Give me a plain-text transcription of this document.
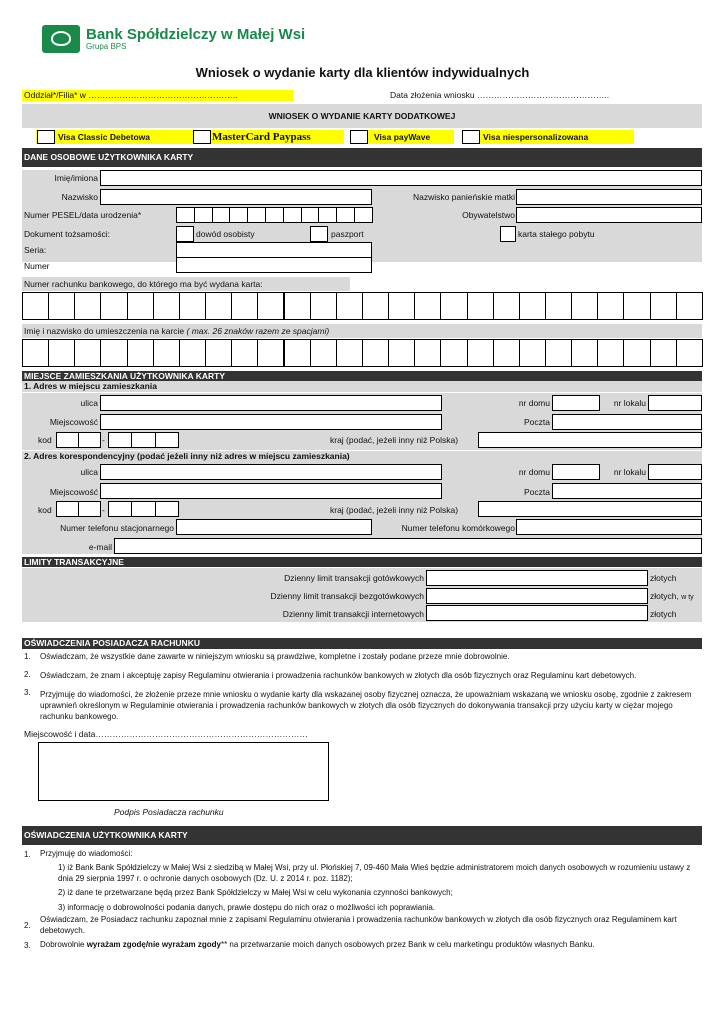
Bank Spółdzielczy w Małej Wsi
Grupa BPS
Wniosek o wydanie karty dla klientów indywidualnych
Oddział*/Filia* w ……………………………………………..	Data złożenia wniosku ………………………………………..
WNIOSEK O WYDANIE KARTY DODATKOWEJ
Visa Classic Debetowa	MasterCard Paypass	Visa payWave	Visa niespersonalizowana
DANE OSOBOWE UŻYTKOWNIKA KARTY
Imię/imiona
Nazwisko	Nazwisko panieńskie matki
Numer PESEL/data urodzenia*	Obywatelstwo
Dokument tożsamości:	dowód osobisty	paszport	karta stałego pobytu
Seria:
Numer
Numer rachunku bankowego, do którego ma być wydana karta:
Imię i nazwisko do umieszczenia na karcie ( max. 26 znaków razem ze spacjami)
MIEJSCE ZAMIESZKANIA UŻYTKOWNIKA KARTY
1. Adres w miejscu zamieszkania
ulica	nr domu	nr lokalu
Miejscowość	Poczta
kod	-	kraj (podać, jeżeli inny niż Polska)
2. Adres korespondencyjny (podać jeżeli inny niż adres w miejscu zamieszkania)
ulica	nr domu	nr lokalu
Miejscowość	Poczta
kod	-	kraj (podać, jeżeli inny niż Polska)
Numer telefonu stacjonarnego	Numer telefonu komórkowego
e-mail
LIMITY TRANSAKCYJNE
Dzienny limit transakcji gotówkowych	złotych
Dzienny limit transakcji bezgotówkowych	złotych, w ty
Dzienny limit transakcji internetowych	złotych
OŚWIADCZENIA POSIADACZA RACHUNKU
1. Oświadczam, że wszystkie dane zawarte w niniejszym wniosku są prawdziwe, kompletne i zostały podane przeze mnie dobrowolnie.
2. Oświadczam, że znam i akceptuję zapisy Regulaminu otwierania i prowadzenia rachunków bankowych w złotych dla osób fizycznych oraz Regulaminu kart debetowych.
3. Przyjmuję do wiadomości, że złożenie przeze mnie wniosku o wydanie karty dla wskazanej osoby fizycznej oznacza, że upoważniam wskazaną we wniosku osobę, zgodnie z zakresem uprawnień określonym w Regulaminie otwierania i prowadzenia rachunków bankowych w złotych dla osób fizycznych do dokonywania transakcji przy użyciu karty w ciężar mojego rachunku bankowego.
Miejscowość i data…………………………………………………………………
Podpis Posiadacza rachunku
OŚWIADCZENIA UŻYTKOWNIKA KARTY
1. Przyjmuję do wiadomości:
1) iż Bank Bank Spółdzielczy w Małej Wsi z siedzibą w Małej Wsi, przy ul. Płońskiej 7, 09-460 Mała Wieś będzie administratorem moich danych osobowych w rozumieniu ustawy z dnia 29 sierpnia 1997 r. o ochronie danych osobowych (Dz. U. z 2014 r. poz. 1182);
2) iż dane te przetwarzane będą przez Bank Spółdzielczy w Małej Wsi w celu wykonania czynności bankowych;
3) informację o dobrowolności podania danych, prawie dostępu do nich oraz o możliwości ich poprawiania.
2.
Oświadczam, że Posiadacz rachunku zapoznał mnie z zapisami Regulaminu otwierania i prowadzenia rachunków bankowych w złotych dla osób fizycznych oraz Regulaminem kart debetowych.
3. Dobrowolnie wyrażam zgodę/nie wyrażam zgody** na przetwarzanie moich danych osobowych przez Bank w celu marketingu produktów własnych Banku.
